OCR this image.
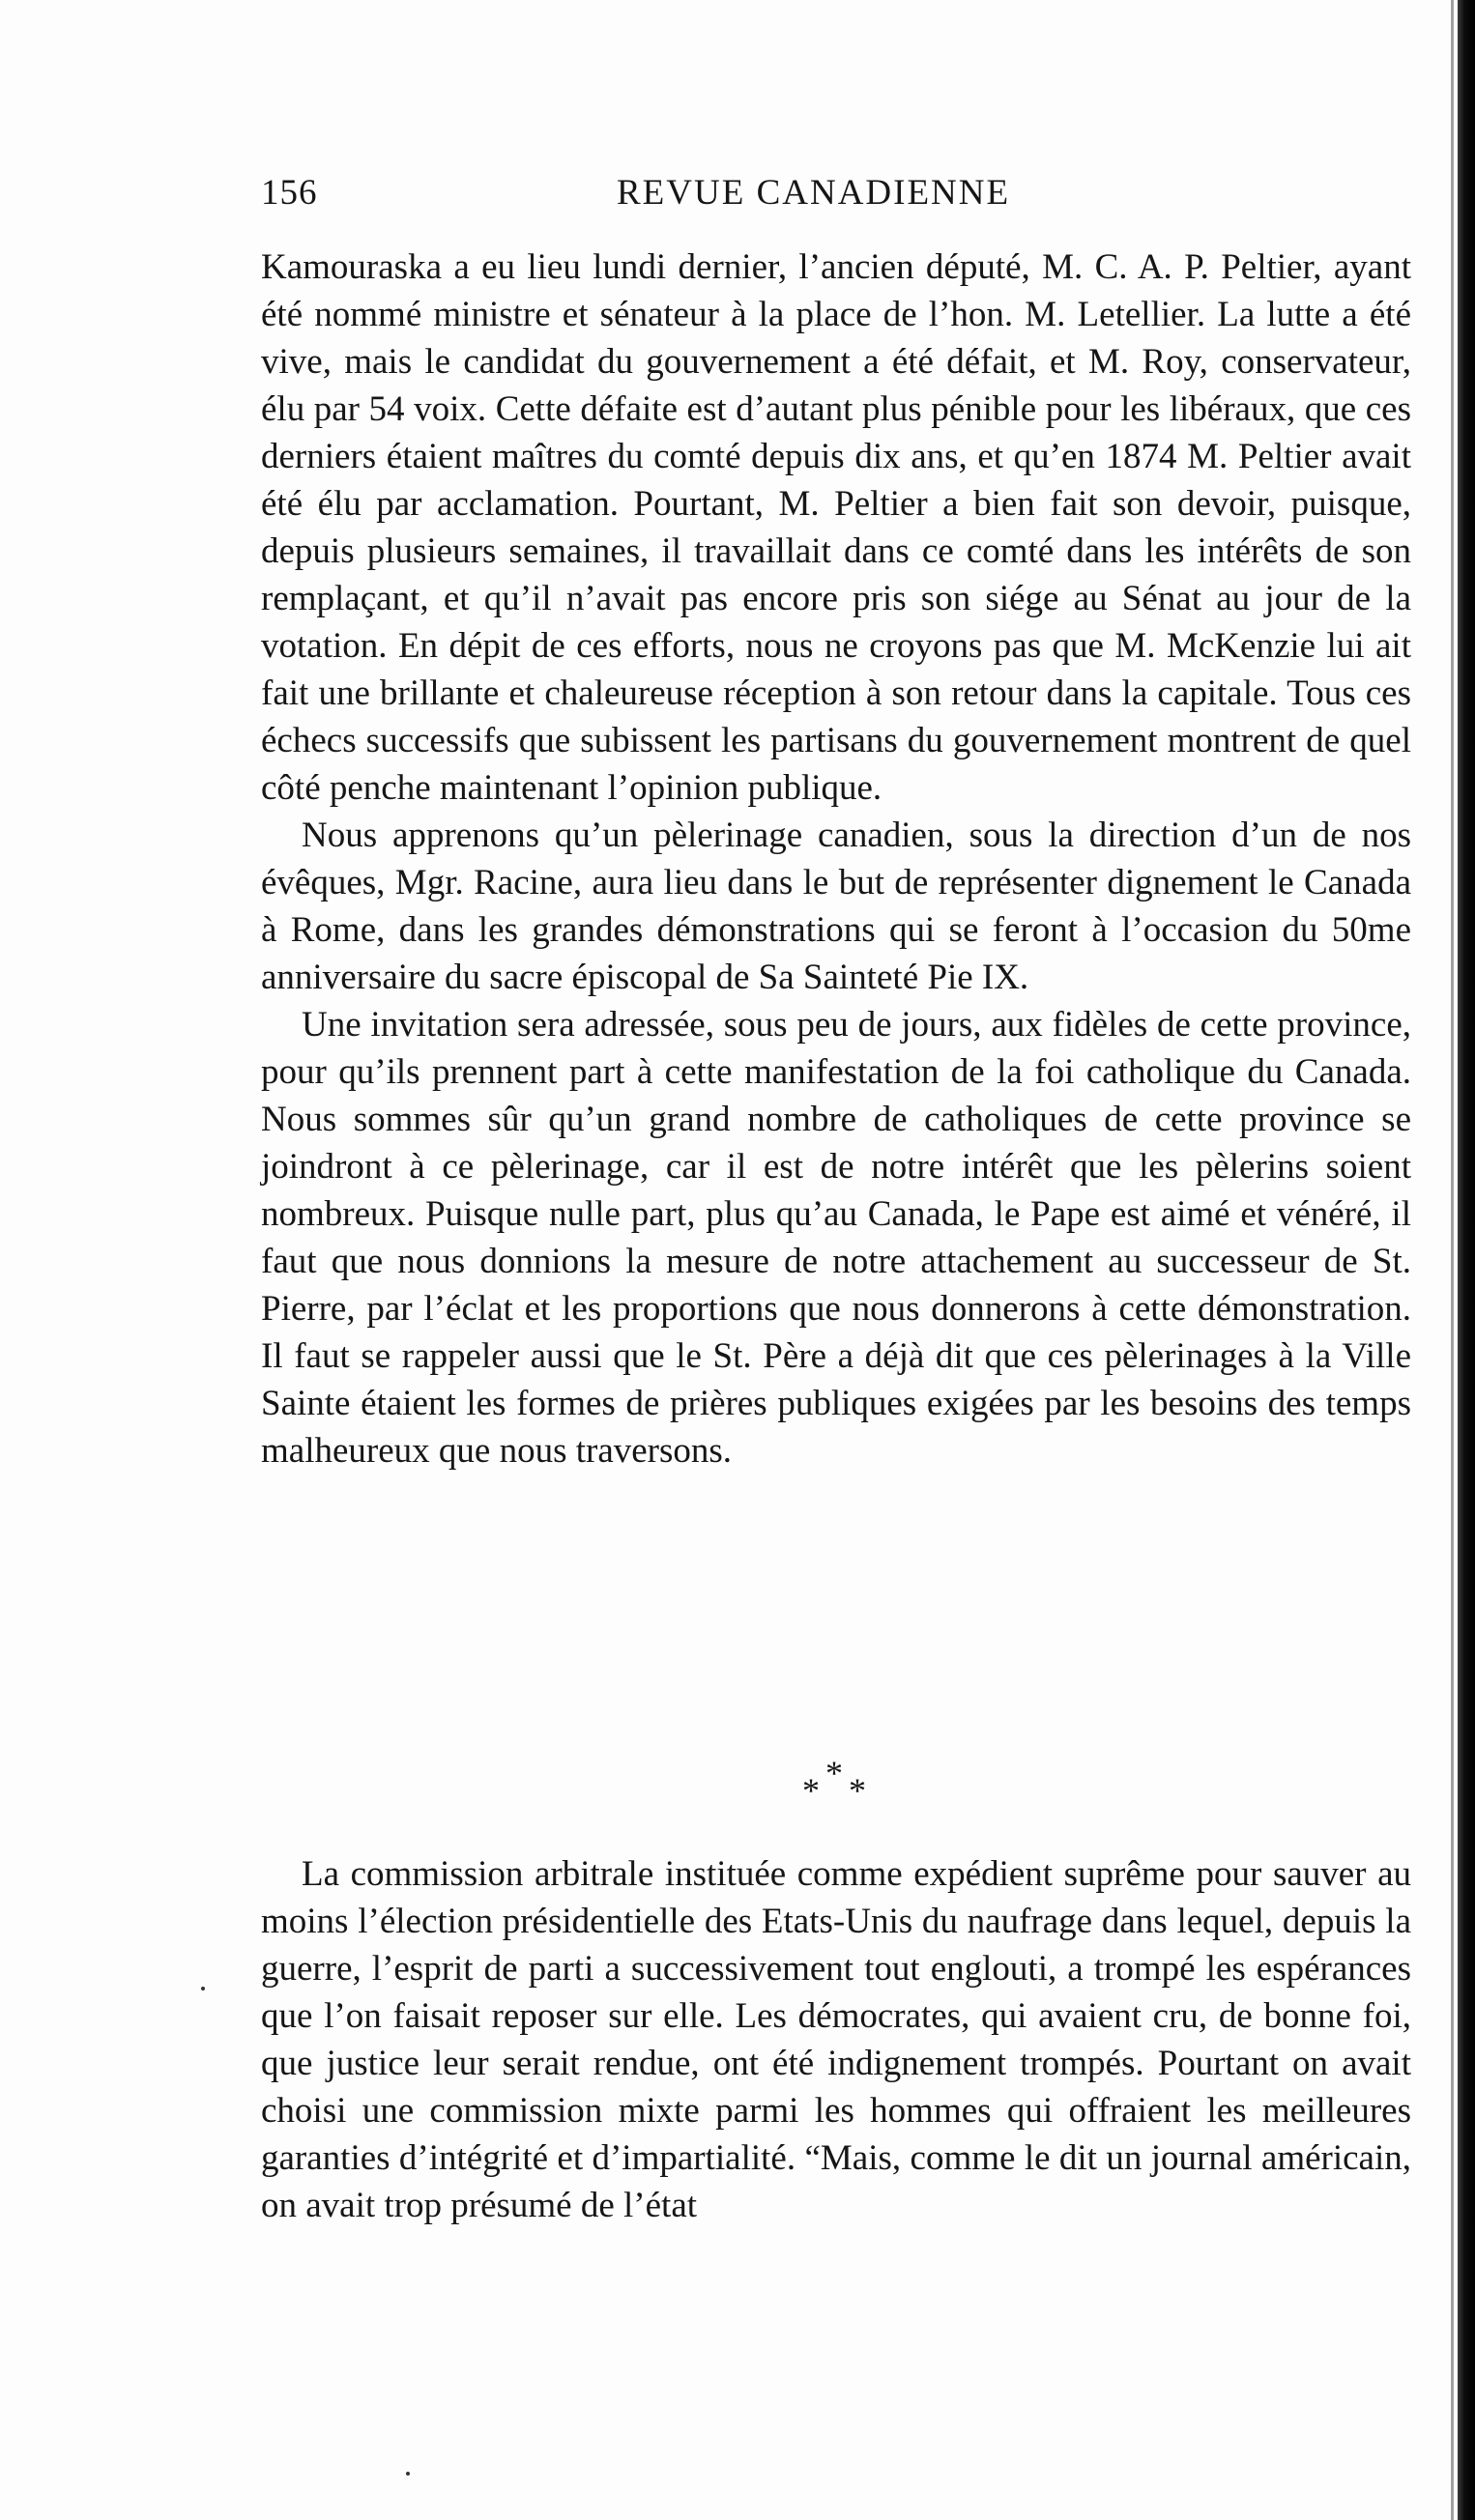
156	REVUE CANADIENNE

Kamouraska a eu lieu lundi dernier, l’ancien député, M. C. A. P. Peltier, ayant été nommé ministre et sénateur à la place de l’hon. M. Letellier. La lutte a été vive, mais le candidat du gouvernement a été défait, et M. Roy, conservateur, élu par 54 voix. Cette défaite est d’autant plus pénible pour les libéraux, que ces derniers étaient maîtres du comté depuis dix ans, et qu’en 1874 M. Peltier avait été élu par acclamation. Pourtant, M. Peltier a bien fait son devoir, puisque, depuis plusieurs semaines, il travaillait dans ce comté dans les intérêts de son remplaçant, et qu’il n’avait pas encore pris son siége au Sénat au jour de la votation. En dépit de ces efforts, nous ne croyons pas que M. McKenzie lui ait fait une brillante et chaleureuse réception à son retour dans la capitale. Tous ces échecs successifs que subissent les partisans du gouvernement montrent de quel côté penche maintenant l’opinion publique.

Nous apprenons qu’un pèlerinage canadien, sous la direction d’un de nos évêques, Mgr. Racine, aura lieu dans le but de représenter dignement le Canada à Rome, dans les grandes démonstrations qui se feront à l’occasion du 50me anniversaire du sacre épiscopal de Sa Sainteté Pie IX.

Une invitation sera adressée, sous peu de jours, aux fidèles de cette province, pour qu’ils prennent part à cette manifestation de la foi catholique du Canada. Nous sommes sûr qu’un grand nombre de catholiques de cette province se joindront à ce pèlerinage, car il est de notre intérêt que les pèlerins soient nombreux. Puisque nulle part, plus qu’au Canada, le Pape est aimé et vénéré, il faut que nous donnions la mesure de notre attachement au successeur de St. Pierre, par l’éclat et les proportions que nous donnerons à cette démonstration. Il faut se rappeler aussi que le St. Père a déjà dit que ces pèlerinages à la Ville Sainte étaient les formes de prières publiques exigées par les besoins des temps malheureux que nous traversons.

* * *

La commission arbitrale instituée comme expédient suprême pour sauver au moins l’élection présidentielle des Etats-Unis du naufrage dans lequel, depuis la guerre, l’esprit de parti a successivement tout englouti, a trompé les espérances que l’on faisait reposer sur elle. Les démocrates, qui avaient cru, de bonne foi, que justice leur serait rendue, ont été indignement trompés. Pourtant on avait choisi une commission mixte parmi les hommes qui offraient les meilleures garanties d’intégrité et d’impartialité. “Mais, comme le dit un journal américain, on avait trop présumé de l’état
